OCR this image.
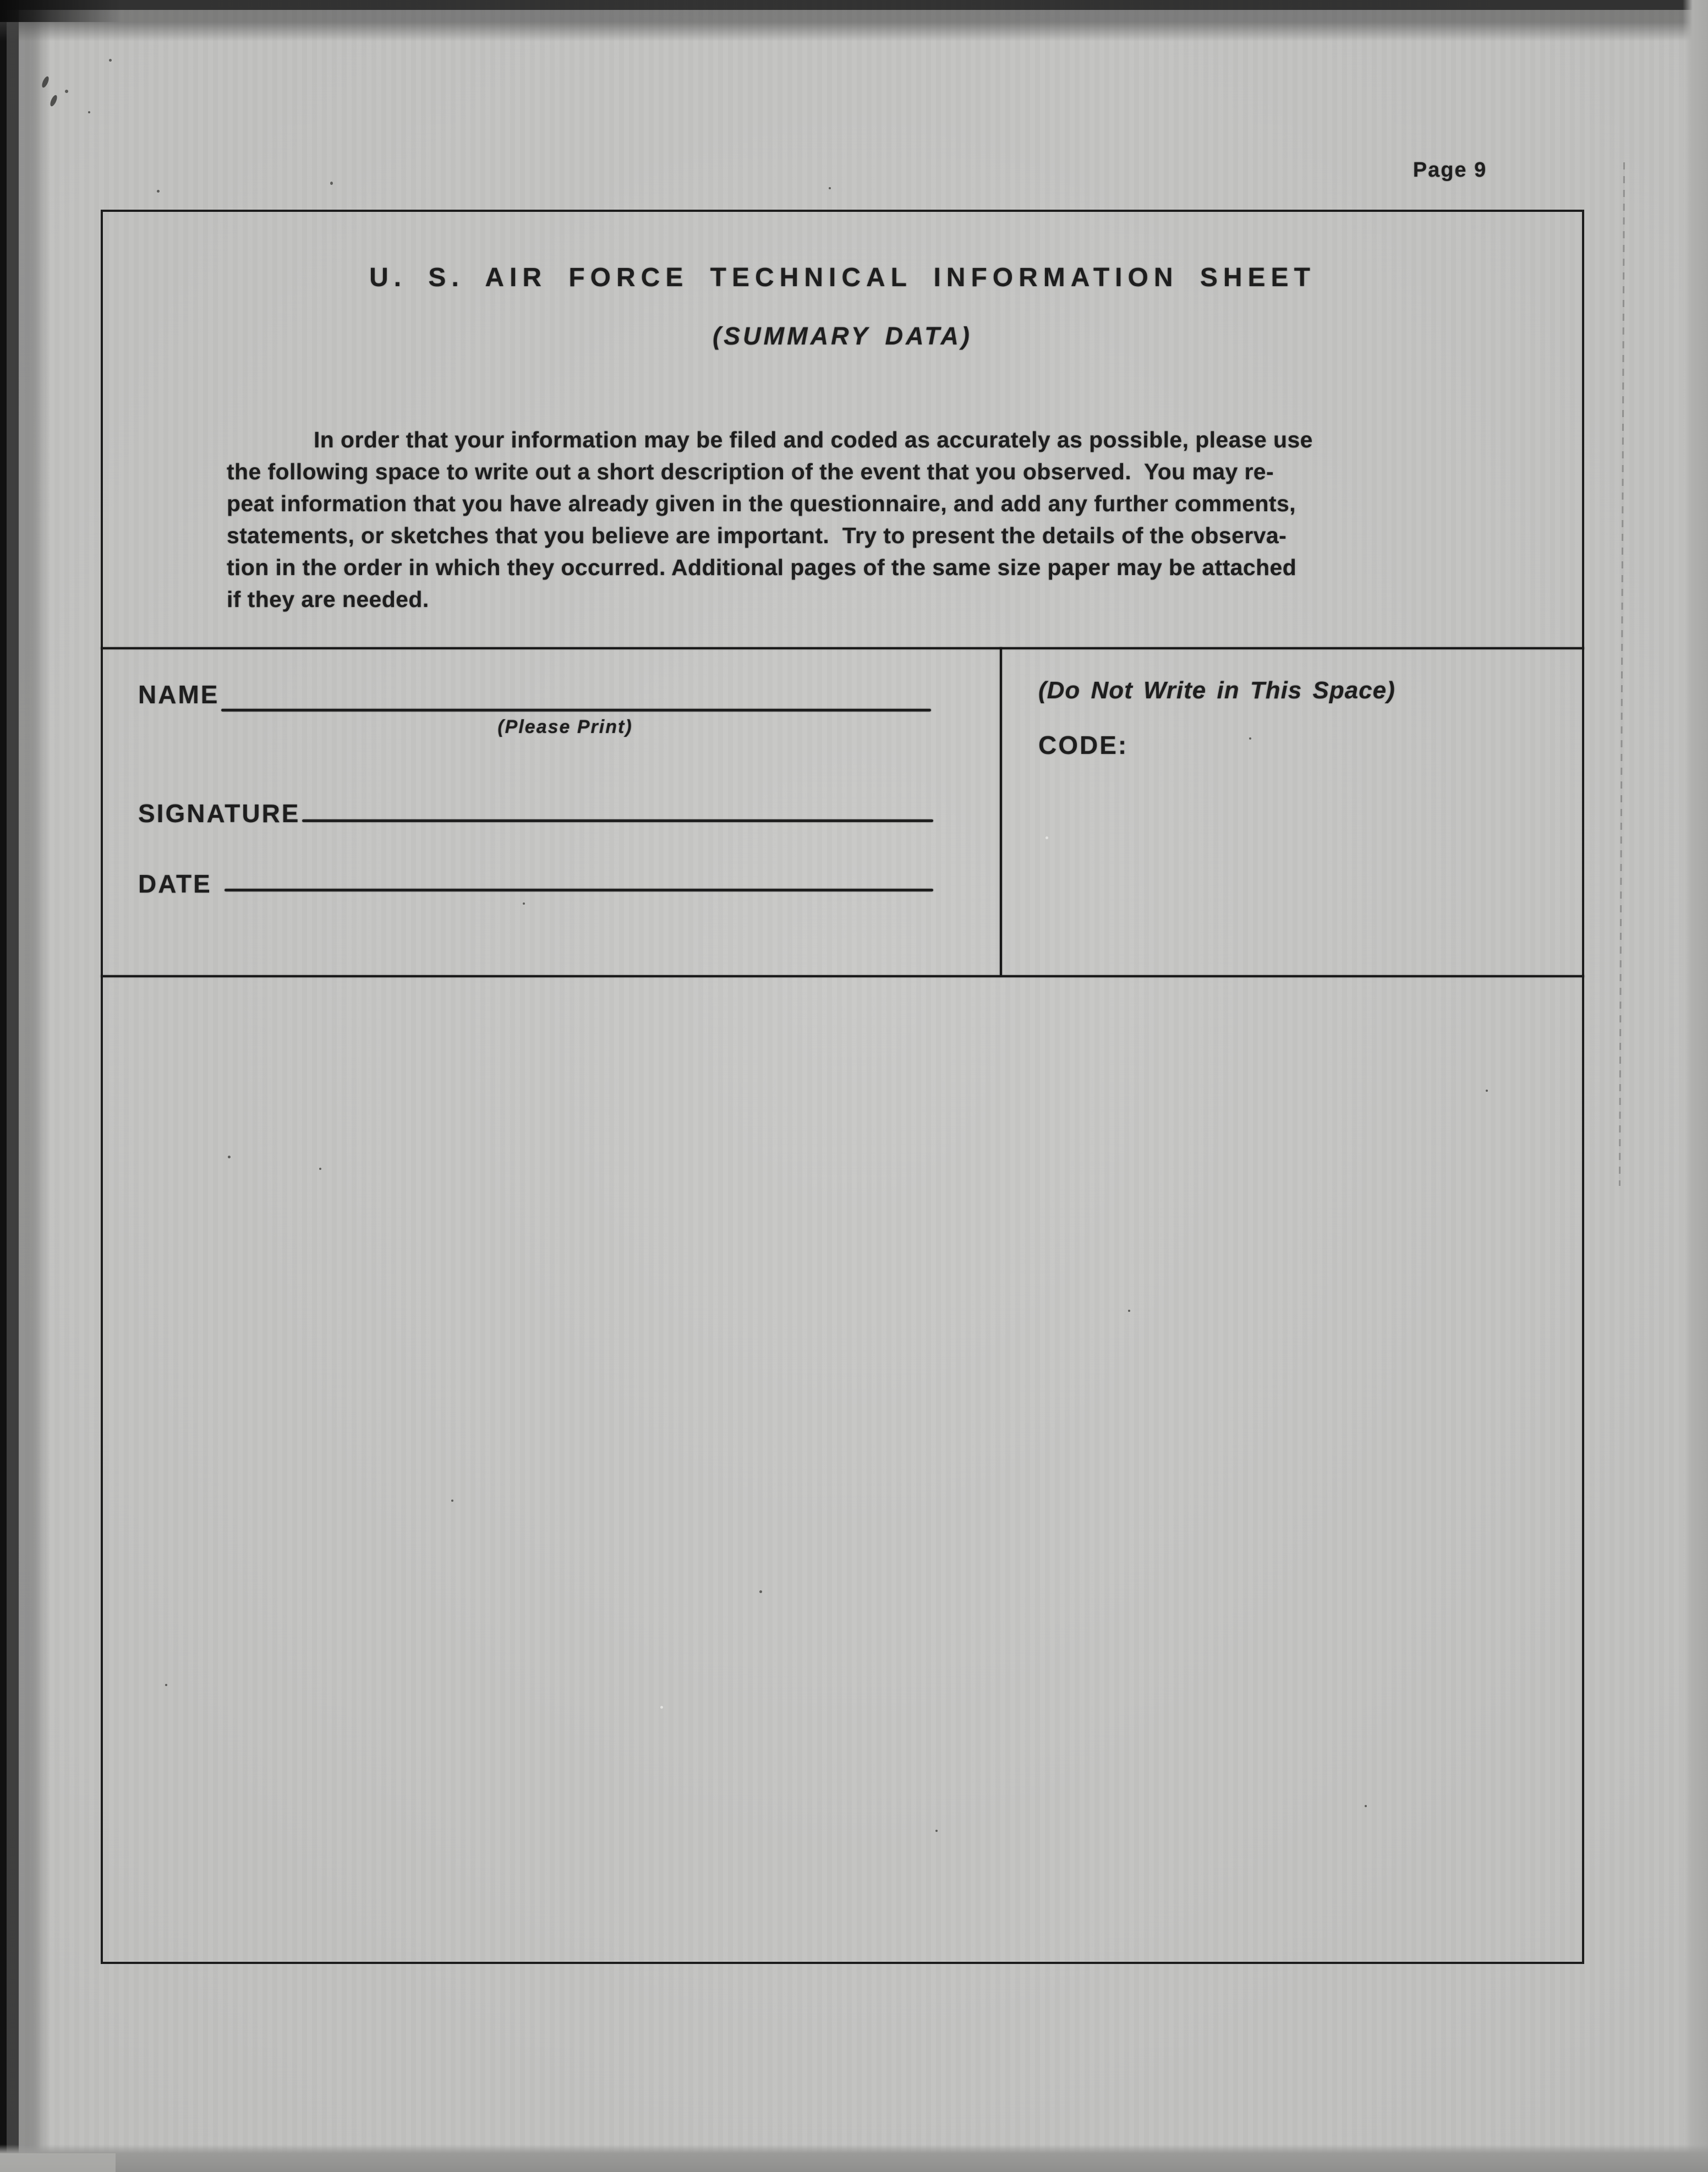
Page 9
U. S. AIR FORCE TECHNICAL INFORMATION SHEET
(SUMMARY DATA)
In order that your information may be filed and coded as accurately as possible, please use
the following space to write out a short description of the event that you observed.  You may re-
peat information that you have already given in the questionnaire, and add any further comments,
statements, or sketches that you believe are important.  Try to present the details of the observa-
tion in the order in which they occurred. Additional pages of the same size paper may be attached
if they are needed.
NAME
(Please Print)
SIGNATURE
DATE
(Do Not Write in This Space)
CODE:
